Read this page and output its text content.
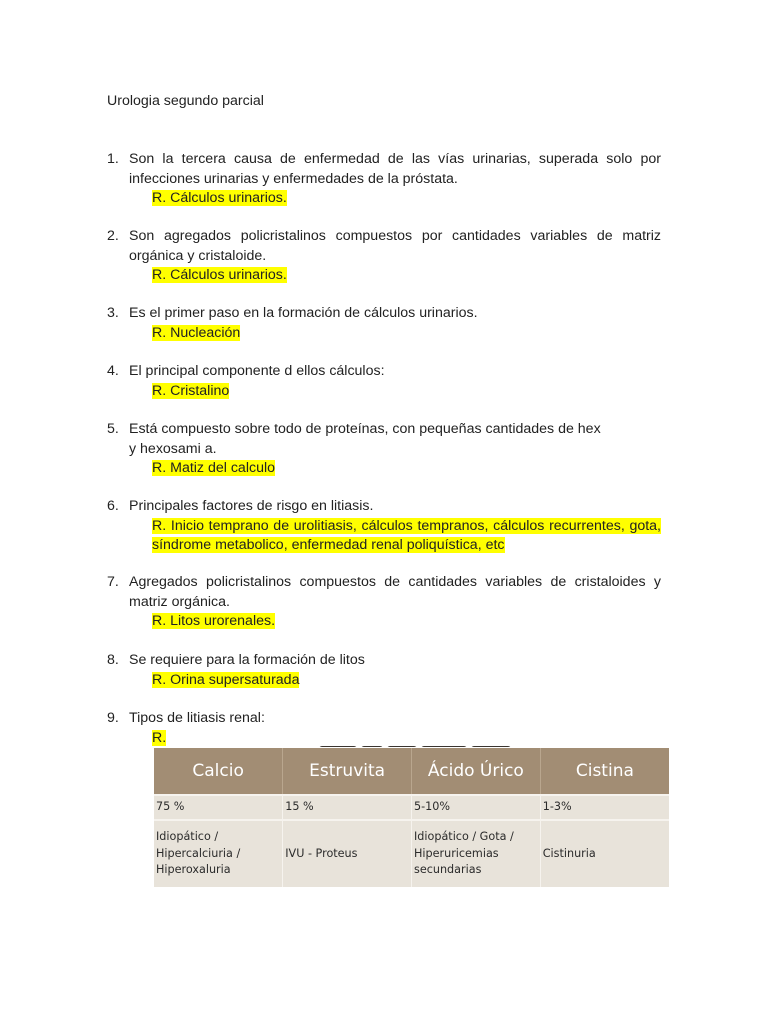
Urologia segundo parcial
1. Son la tercera causa de enfermedad de las vías urinarias, superada solo por infecciones urinarias y enfermedades de la próstata.
R. Cálculos urinarios.
2. Son agregados policristalinos compuestos por cantidades variables de matriz orgánica y cristaloide.
R. Cálculos urinarios.
3. Es el primer paso en la formación de cálculos urinarios.
R. Nucleación
4. El principal componente d ellos cálculos:
R. Cristalino
5. Está compuesto sobre todo de proteínas, con pequeñas cantidades de hex
y hexosami a.
R. Matiz del calculo
6. Principales factores de risgo en litiasis.
R. Inicio temprano de urolitiasis, cálculos tempranos, cálculos recurrentes, gota, síndrome metabolico, enfermedad renal poliquística, etc
7. Agregados policristalinos compuestos de cantidades variables de cristaloides y matriz orgánica.
R. Litos urorenales.
8. Se requiere para la formación de litos
R. Orina supersaturada
9. Tipos de litiasis renal:
R.
Calcio	Estruvita	Ácido Úrico	Cistina
75 %	15 %	5-10%	1-3%

Idiopático /
Hipercalciuria /
Hiperoxaluria	IVU - Proteus	Idiopático / Gota /
Hiperuricemias
secundarias	Cistinuria
